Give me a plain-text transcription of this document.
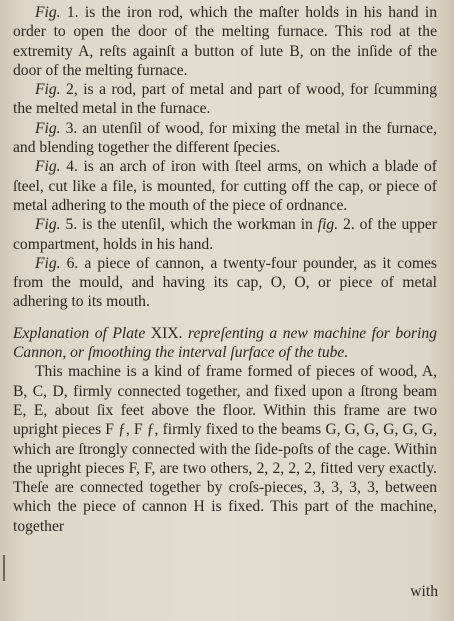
Fig. 1. is the iron rod, which the maſter holds in his hand in order to open the door of the melting furnace. This rod at the extremity A, reſts againſt a button of lute B, on the inſide of the door of the melting furnace.

Fig. 2, is a rod, part of metal and part of wood, for ſcumming the melted metal in the furnace.

Fig. 3. an utenſil of wood, for mixing the metal in the furnace, and blending together the different ſpecies.

Fig. 4. is an arch of iron with ſteel arms, on which a blade of ſteel, cut like a file, is mounted, for cutting off the cap, or piece of metal adhering to the mouth of the piece of ordnance.

Fig. 5. is the utenſil, which the workman in fig. 2. of the upper compartment, holds in his hand.

Fig. 6. a piece of cannon, a twenty-four pounder, as it comes from the mould, and having its cap, O, O, or piece of metal adhering to its mouth.

Explanation of Plate XIX. repreſenting a new machine for boring Cannon, or ſmoothing the interval ſurface of the tube.

This machine is a kind of frame formed of pieces of wood, A, B, C, D, firmly connected together, and fixed upon a ſtrong beam E, E, about ſix feet above the floor. Within this frame are two upright pieces F ƒ, F ƒ, firmly fixed to the beams G, G, G, G, G, G, which are ſtrongly connected with the ſide-poſts of the cage. Within the upright pieces F, F, are two others, 2, 2, 2, 2, fitted very exactly. Theſe are connected together by croſs-pieces, 3, 3, 3, 3, between which the piece of cannon H is fixed. This part of the machine, together

with
